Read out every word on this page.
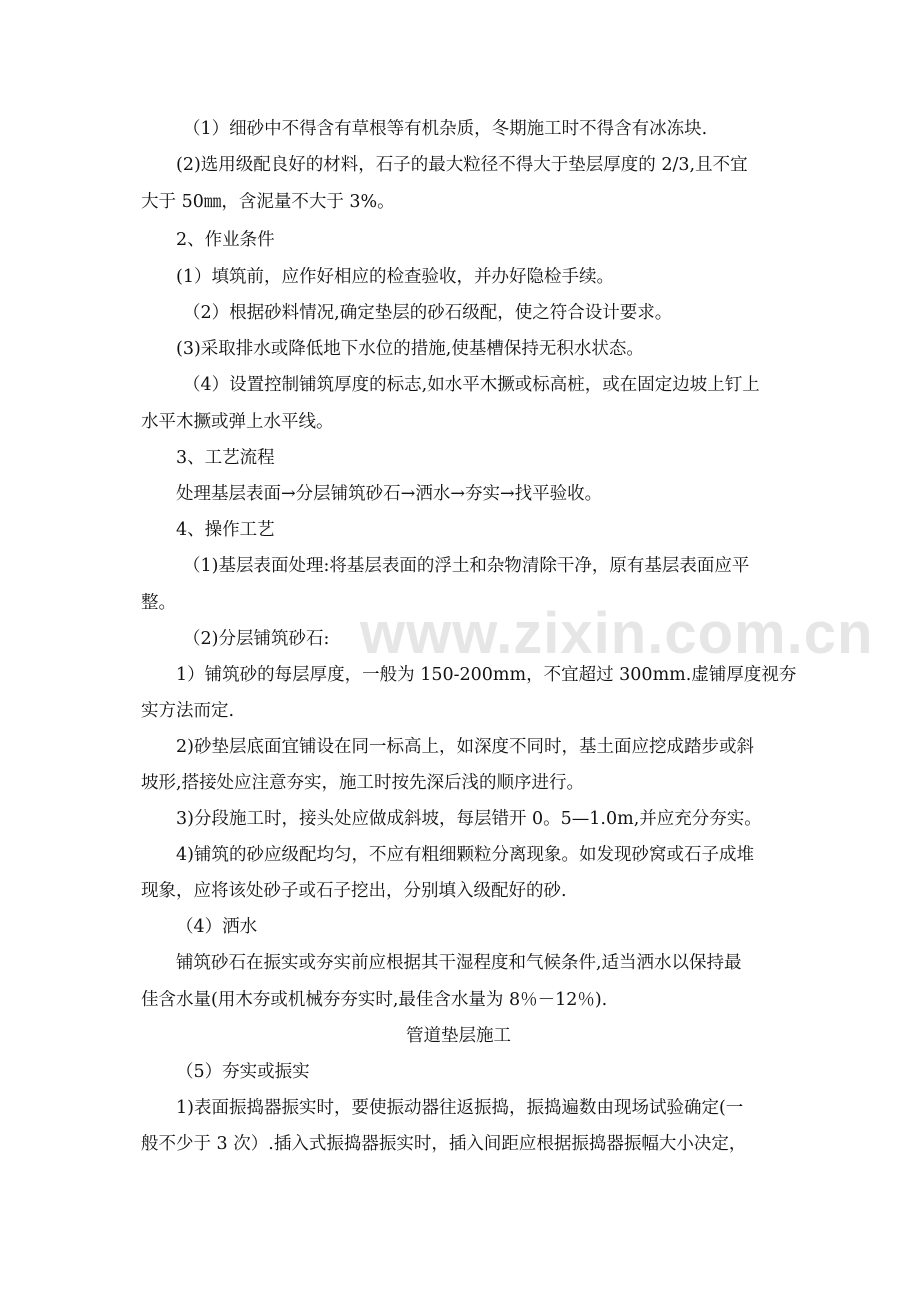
www.zixin.com.cn
（1）细砂中不得含有草根等有机杂质，冬期施工时不得含有冰冻块.
(2)选用级配良好的材料，石子的最大粒径不得大于垫层厚度的 2/3,且不宜
大于 50㎜，含泥量不大于 3%。
2、作业条件
(1）填筑前，应作好相应的检查验收，并办好隐检手续。
（2）根据砂料情况,确定垫层的砂石级配，使之符合设计要求。
(3)采取排水或降低地下水位的措施,使基槽保持无积水状态。
（4）设置控制铺筑厚度的标志,如水平木撅或标高桩，或在固定边坡上钉上
水平木撅或弹上水平线。
3、工艺流程
处理基层表面→分层铺筑砂石→洒水→夯实→找平验收。
4、操作工艺
（1)基层表面处理:将基层表面的浮土和杂物清除干净，原有基层表面应平
整。
（2)分层铺筑砂石:
1）铺筑砂的每层厚度，一般为 150-200mm，不宜超过 300mm.虚铺厚度视夯
实方法而定.
2)砂垫层底面宜铺设在同一标高上，如深度不同时，基土面应挖成踏步或斜
坡形,搭接处应注意夯实，施工时按先深后浅的顺序进行。
3)分段施工时，接头处应做成斜坡，每层错开 0。5—1.0m,并应充分夯实。
4)铺筑的砂应级配均匀，不应有粗细颗粒分离现象。如发现砂窝或石子成堆
现象，应将该处砂子或石子挖出，分别填入级配好的砂.
（4）洒水
铺筑砂石在振实或夯实前应根据其干湿程度和气候条件,适当洒水以保持最
佳含水量(用木夯或机械夯夯实时,最佳含水量为 8％－12％).
管道垫层施工
（5）夯实或振实
1)表面振捣器振实时，要使振动器往返振捣，振捣遍数由现场试验确定(一
般不少于 3 次）.插入式振捣器振实时，插入间距应根据振捣器振幅大小决定，
